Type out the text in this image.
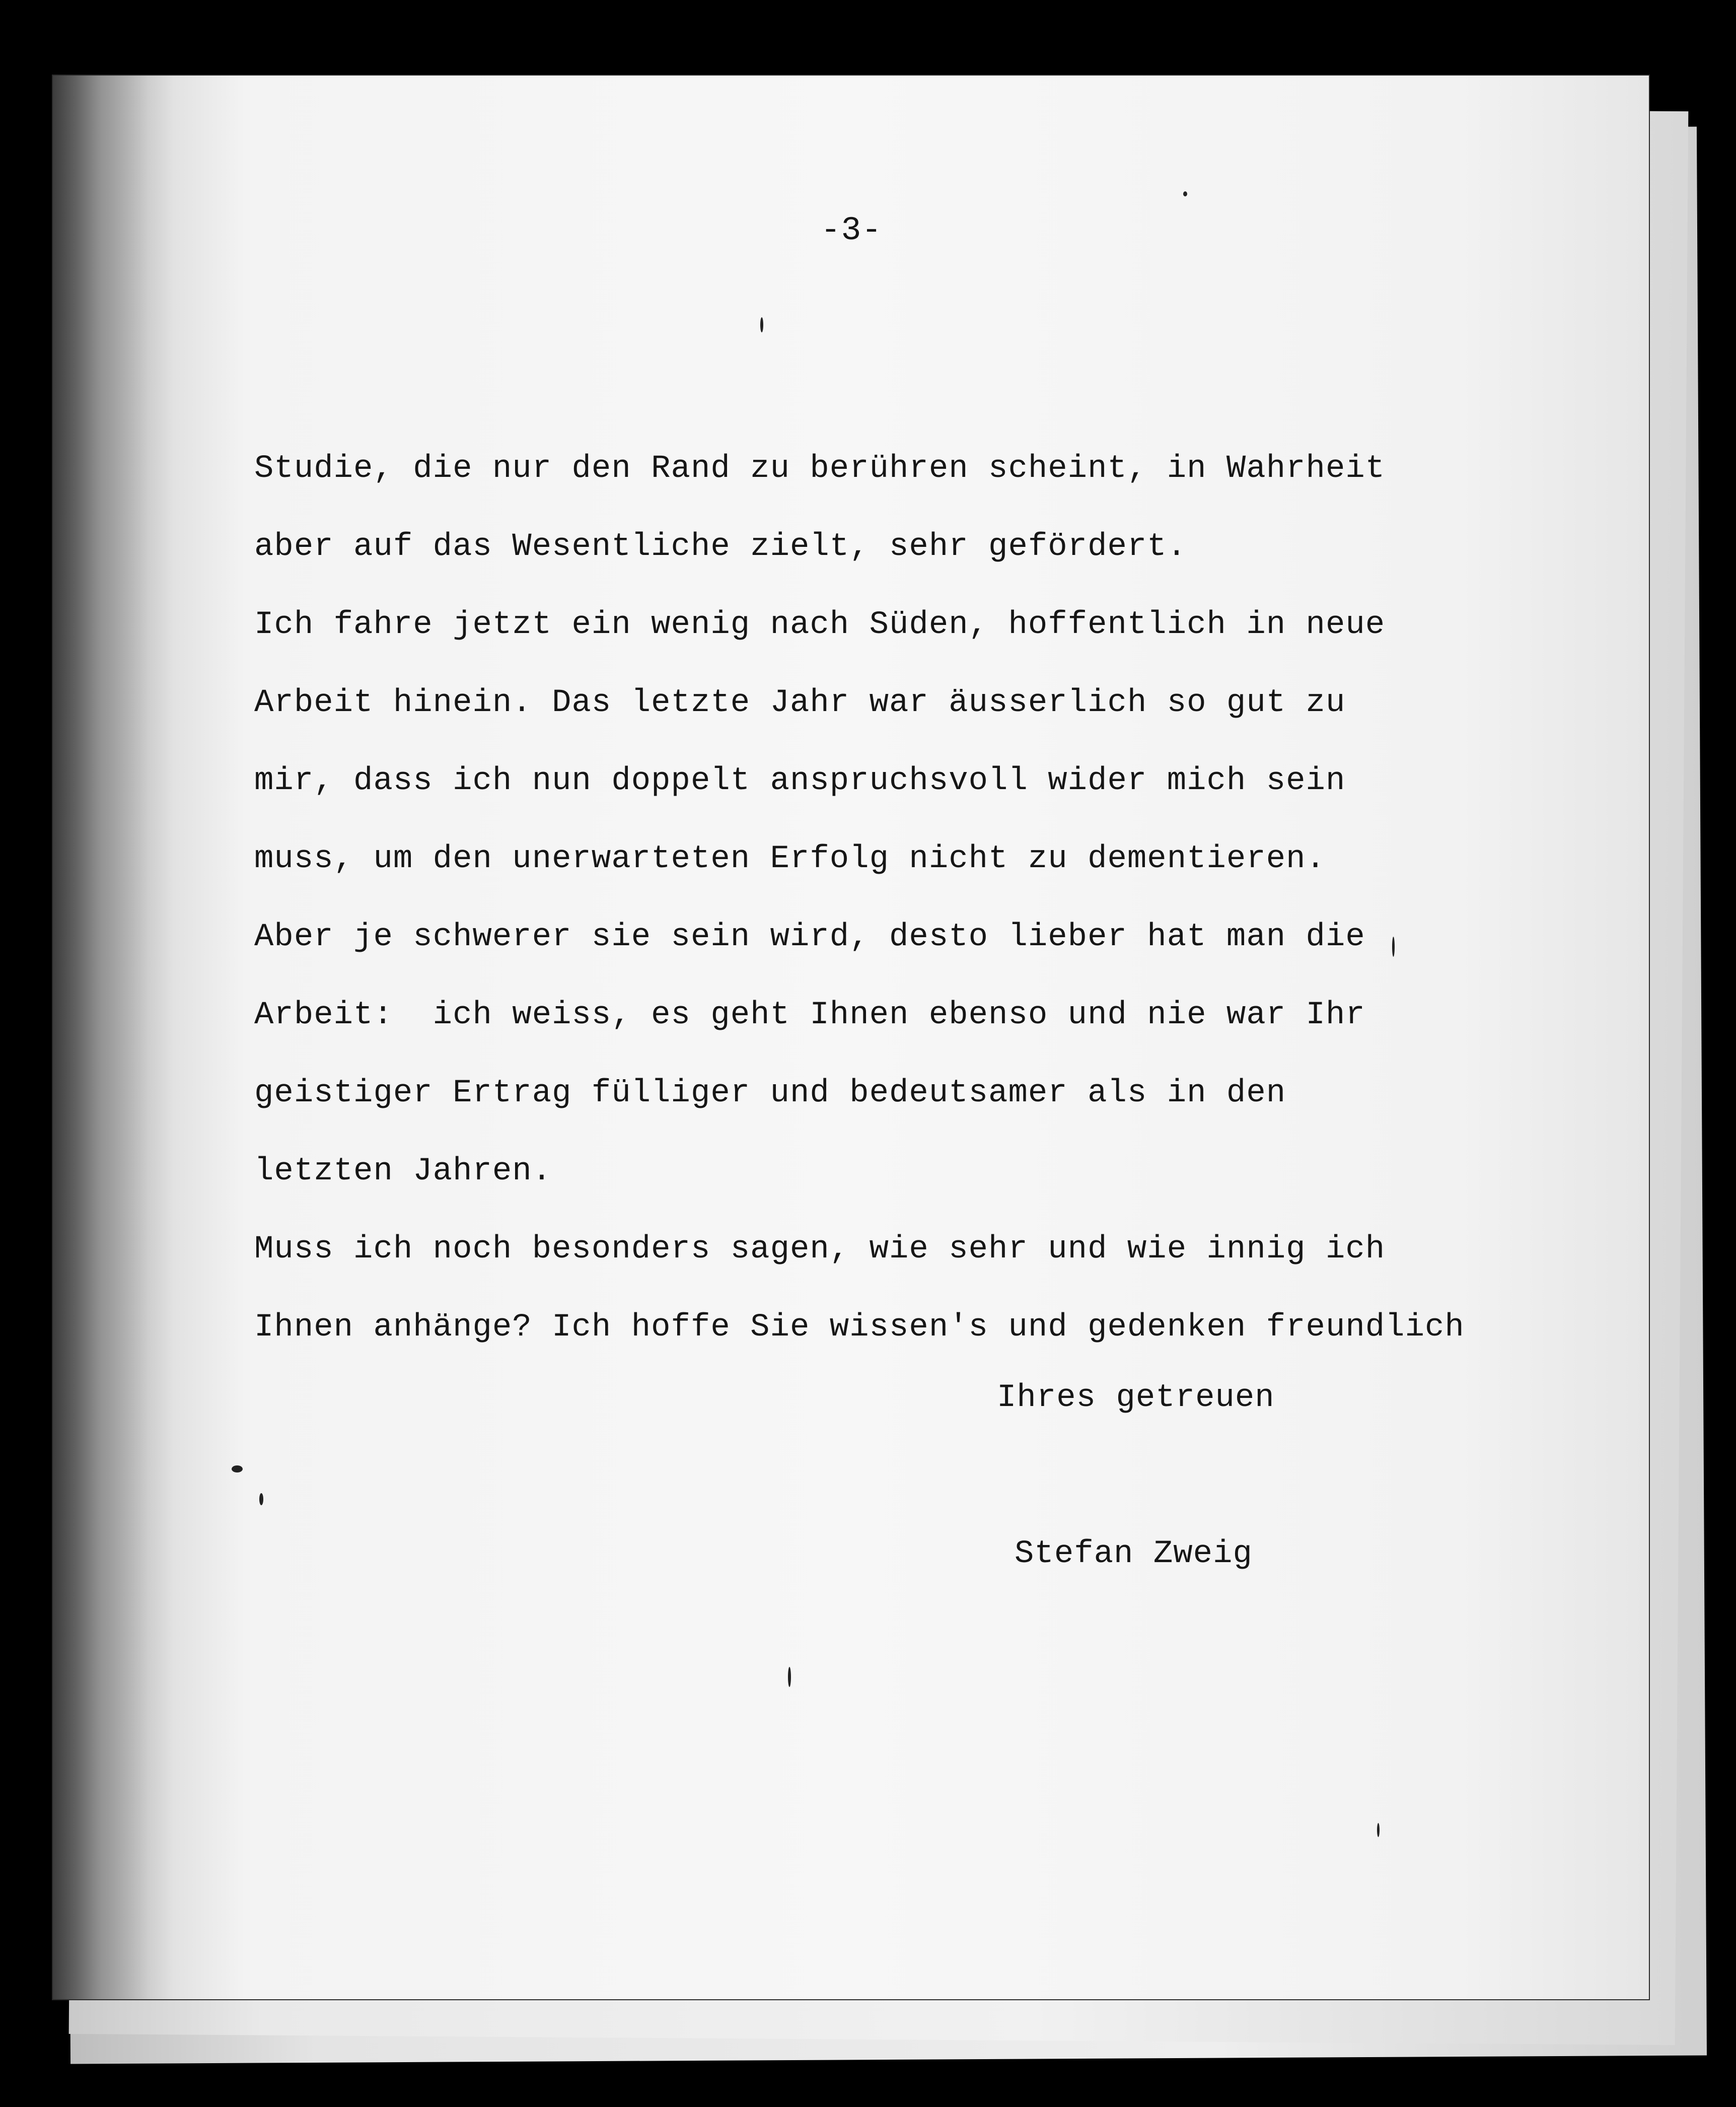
-3-
Studie, die nur den Rand zu berühren scheint, in Wahrheit
aber auf das Wesentliche zielt, sehr gefördert.
Ich fahre jetzt ein wenig nach Süden, hoffentlich in neue
Arbeit hinein. Das letzte Jahr war äusserlich so gut zu
mir, dass ich nun doppelt anspruchsvoll wider mich sein
muss, um den unerwarteten Erfolg nicht zu dementieren.
Aber je schwerer sie sein wird, desto lieber hat man die
Arbeit:  ich weiss, es geht Ihnen ebenso und nie war Ihr
geistiger Ertrag fülliger und bedeutsamer als in den
letzten Jahren.
Muss ich noch besonders sagen, wie sehr und wie innig ich
Ihnen anhänge? Ich hoffe Sie wissen's und gedenken freundlich
Ihres getreuen
Stefan Zweig
